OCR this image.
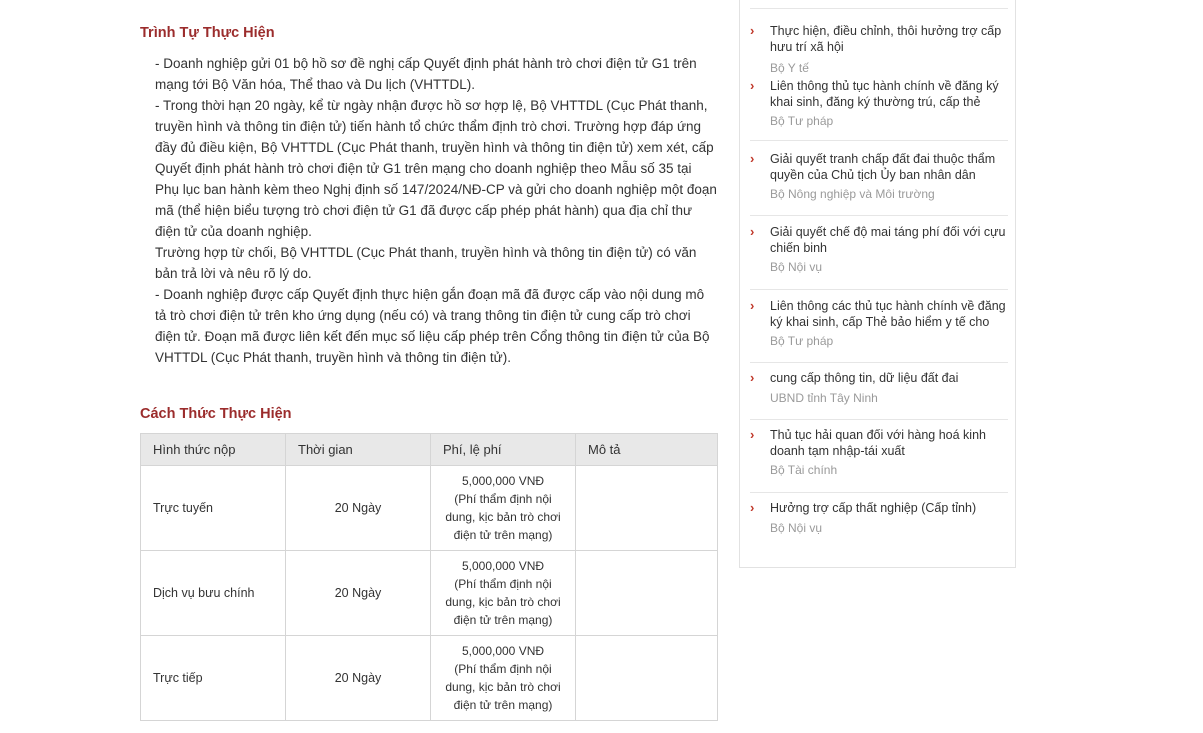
Trình Tự Thực Hiện

- Doanh nghiệp gửi 01 bộ hồ sơ đề nghị cấp Quyết định phát hành trò chơi điện tử G1 trên mạng tới Bộ Văn hóa, Thể thao và Du lịch (VHTTDL).

- Trong thời hạn 20 ngày, kể từ ngày nhận được hồ sơ hợp lệ, Bộ VHTTDL (Cục Phát thanh, truyền hình và thông tin điện tử) tiến hành tổ chức thẩm định trò chơi. Trường hợp đáp ứng đầy đủ điều kiện, Bộ VHTTDL (Cục Phát thanh, truyền hình và thông tin điện tử) xem xét, cấp Quyết định phát hành trò chơi điện tử G1 trên mạng cho doanh nghiệp theo Mẫu số 35 tại Phụ lục ban hành kèm theo Nghị định số 147/2024/NĐ-CP và gửi cho doanh nghiệp một đoạn mã (thể hiện biểu tượng trò chơi điện tử G1 đã được cấp phép phát hành) qua địa chỉ thư điện tử của doanh nghiệp.

Trường hợp từ chối, Bộ VHTTDL (Cục Phát thanh, truyền hình và thông tin điện tử) có văn bản trả lời và nêu rõ lý do.

- Doanh nghiệp được cấp Quyết định thực hiện gắn đoạn mã đã được cấp vào nội dung mô tả trò chơi điện tử trên kho ứng dụng (nếu có) và trang thông tin điện tử cung cấp trò chơi điện tử. Đoạn mã được liên kết đến mục số liệu cấp phép trên Cổng thông tin điện tử của Bộ VHTTDL (Cục Phát thanh, truyền hình và thông tin điện tử).

Cách Thức Thực Hiện
Hình thức nộp	Thời gian	Phí, lệ phí	Mô tả
Trực tuyến	20 Ngày	5,000,000 VNĐ
(Phí thẩm định nội dung, kịc bản trò chơi điện tử trên mạng)	

Dịch vụ bưu chính	20 Ngày	5,000,000 VNĐ
(Phí thẩm định nội dung, kịc bản trò chơi điện tử trên mạng)	

Trực tiếp	20 Ngày	5,000,000 VNĐ
(Phí thẩm định nội dung, kịc bản trò chơi điện tử trên mạng)	

› Thực hiện, điều chỉnh, thôi hưởng trợ cấp hưu trí xã hội
Bộ Y tế
› Liên thông thủ tục hành chính về đăng ký khai sinh, đăng ký thường trú, cấp thẻ
Bộ Tư pháp
› Giải quyết tranh chấp đất đai thuộc thẩm quyền của Chủ tịch Ủy ban nhân dân
Bộ Nông nghiệp và Môi trường
› Giải quyết chế độ mai táng phí đối với cựu chiến binh
Bộ Nội vụ
› Liên thông các thủ tục hành chính về đăng ký khai sinh, cấp Thẻ bảo hiểm y tế cho
Bộ Tư pháp
› cung cấp thông tin, dữ liệu đất đai
UBND tỉnh Tây Ninh
› Thủ tục hải quan đối với hàng hoá kinh doanh tạm nhập-tái xuất
Bộ Tài chính
› Hưởng trợ cấp thất nghiệp (Cấp tỉnh)
Bộ Nội vụ
